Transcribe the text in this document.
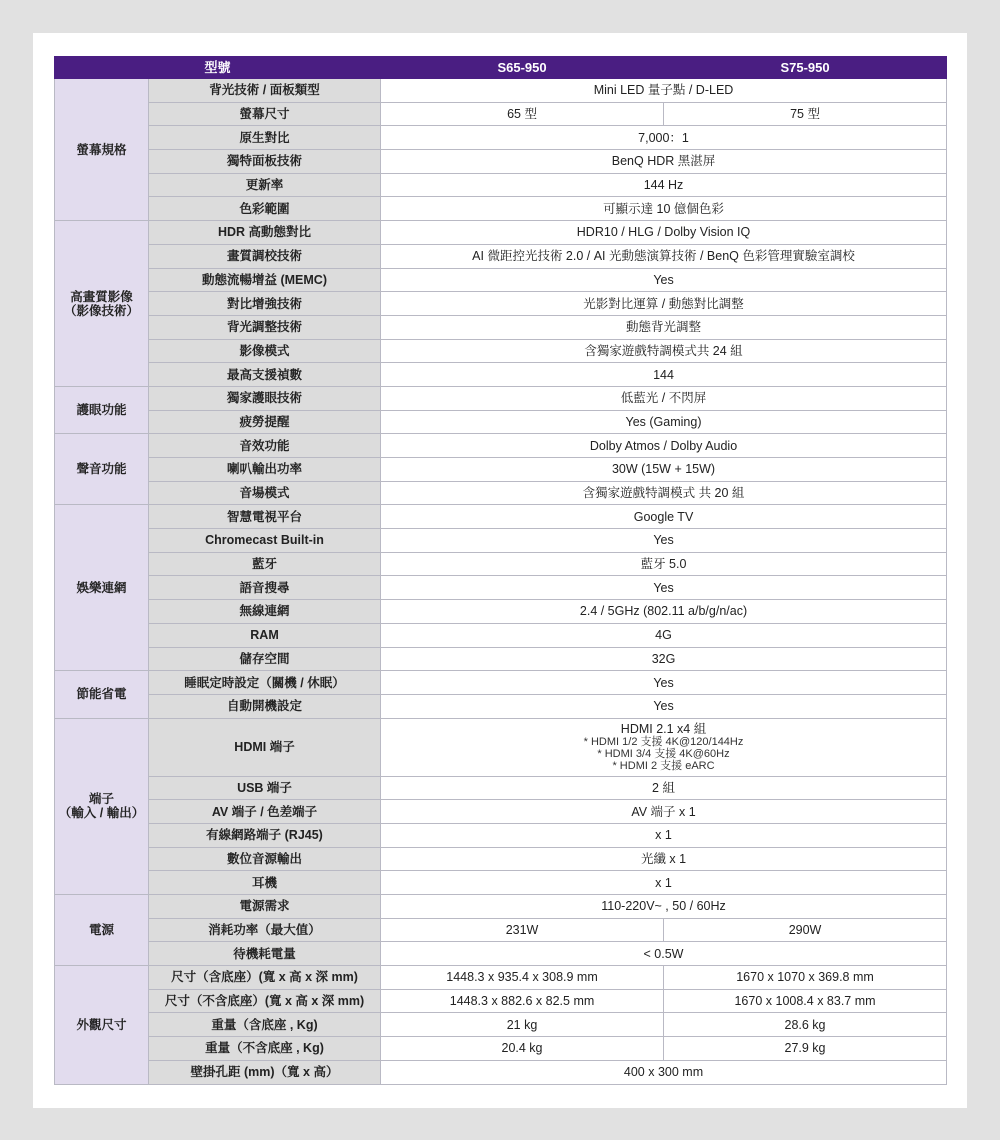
型號		S65-950	S75-950
螢幕規格	背光技術 / 面板類型	Mini LED 量子點 / D-LED	

	螢幕尺寸	65 型	75 型
	原生對比	7,000：1	

	獨特面板技術	BenQ HDR 黑湛屏	

	更新率	144 Hz	

	色彩範圍	可顯示達 10 億個色彩	

高畫質影像
（影像技術）	HDR 高動態對比	HDR10 / HLG / Dolby Vision IQ	

	畫質調校技術	AI 微距控光技術 2.0 / AI 光動態演算技術 / BenQ 色彩管理實驗室調校	

	動態流暢增益 (MEMC)	Yes	

	對比增強技術	光影對比運算 / 動態對比調整	

	背光調整技術	動態背光調整	

	影像模式	含獨家遊戲特調模式共 24 組	

	最高支援禎數	144	

護眼功能	獨家護眼技術	低藍光 / 不閃屏	

	疲勞提醒	Yes (Gaming)	

聲音功能	音效功能	Dolby Atmos / Dolby Audio	

	喇叭輸出功率	30W (15W + 15W)	

	音場模式	含獨家遊戲特調模式 共 20 組	

娛樂連網	智慧電視平台	Google TV	

	Chromecast Built-in	Yes	

	藍牙	藍牙 5.0	

	語音搜尋	Yes	

	無線連網	2.4 / 5GHz (802.11 a/b/g/n/ac)	

	RAM	4G	

	儲存空間	32G	

節能省電	睡眠定時設定（關機 / 休眠）	Yes	

	自動開機設定	Yes	

端子
（輸入 / 輸出）	HDMI 端子	HDMI 2.1 x4 組
* HDMI 1/2 支援 4K@120/144Hz
* HDMI 3/4 支援 4K@60Hz
* HDMI 2 支援 eARC	

	USB 端子	2 組	

	AV 端子 / 色差端子	AV 端子 x 1	

	有線網路端子 (RJ45)	x 1	

	數位音源輸出	光纖 x 1	

	耳機	x 1	

電源	電源需求	110-220V~ , 50 / 60Hz	

	消耗功率（最大值）	231W	290W
	待機耗電量	< 0.5W	

外觀尺寸	尺寸（含底座）(寬 x 高 x 深 mm)	1448.3 x 935.4 x 308.9 mm	1670 x 1070 x 369.8 mm
	尺寸（不含底座）(寬 x 高 x 深 mm)	1448.3 x 882.6 x 82.5 mm	1670 x 1008.4 x 83.7 mm
	重量（含底座 , Kg)	21 kg	28.6 kg
	重量（不含底座 , Kg)	20.4 kg	27.9 kg
	壁掛孔距 (mm)（寬 x 高）	400 x 300 mm	
